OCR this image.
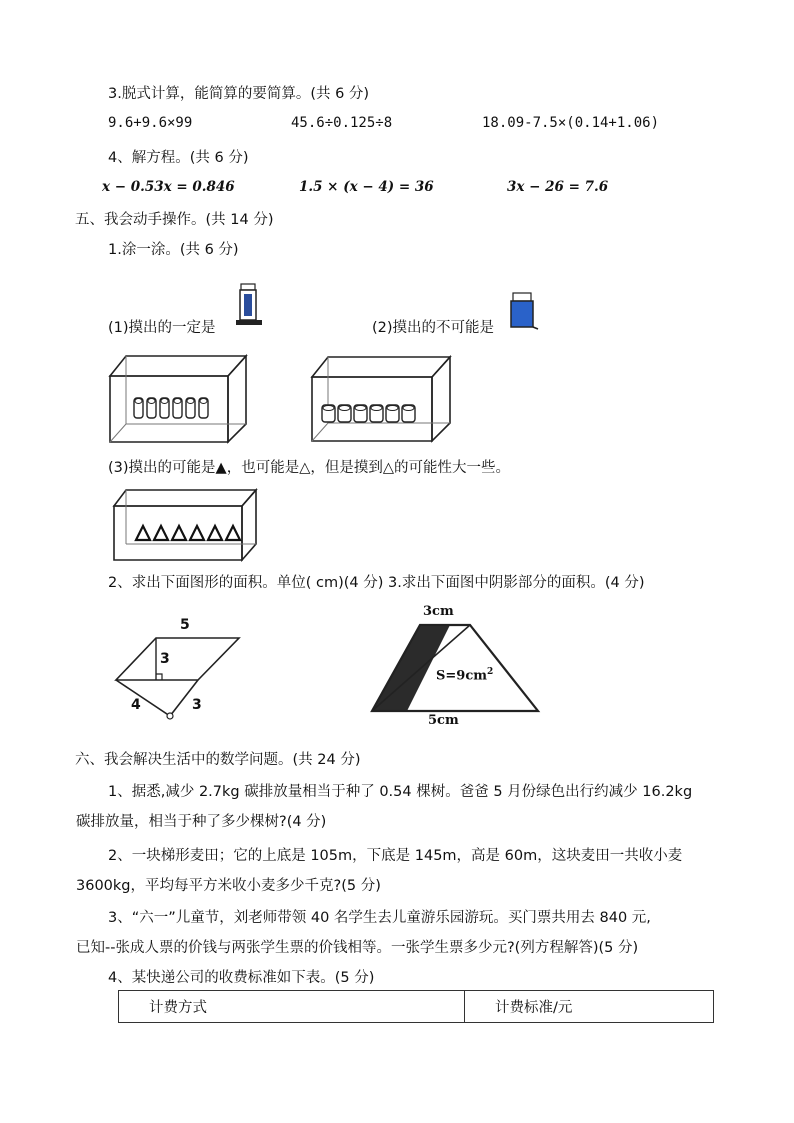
3.脱式计算，能简算的要简算。(共 6 分)
9.6+9.6×99	45.6÷0.125÷8	18.09-7.5×(0.14+1.06)
4、解方程。(共 6 分)
x − 0.53x = 0.846	1.5 × (x − 4) = 36	3x − 26 = 7.6
五、我会动手操作。(共 14 分)
1.涂一涂。(共 6 分)
(1)摸出的一定是	(2)摸出的不可能是
(3)摸出的可能是▲，也可能是△，但是摸到△的可能性大一些。
2、求出下面图形的面积。单位( cm)(4 分) 3.求出下面图中阴影部分的面积。(4 分)
5
3
4	3
3cm
$S=9cm^2$
5cm
六、我会解决生活中的数学问题。(共 24 分)
1、据悉,减少 2.7kg 碳排放量相当于种了 0.54 棵树。爸爸 5 月份绿色出行约减少 16.2kg
碳排放量，相当于种了多少棵树?(4 分)
2、一块梯形麦田；它的上底是 105m，下底是 145m，高是 60m，这块麦田一共收小麦
3600kg，平均每平方米收小麦多少千克?(5 分)
3、“六一”儿童节，刘老师带领 40 名学生去儿童游乐园游玩。买门票共用去 840 元,
已知--张成人票的价钱与两张学生票的价钱相等。一张学生票多少元?(列方程解答)(5 分)
4、某快递公司的收费标准如下表。(5 分)
计费方式	计费标准/元
